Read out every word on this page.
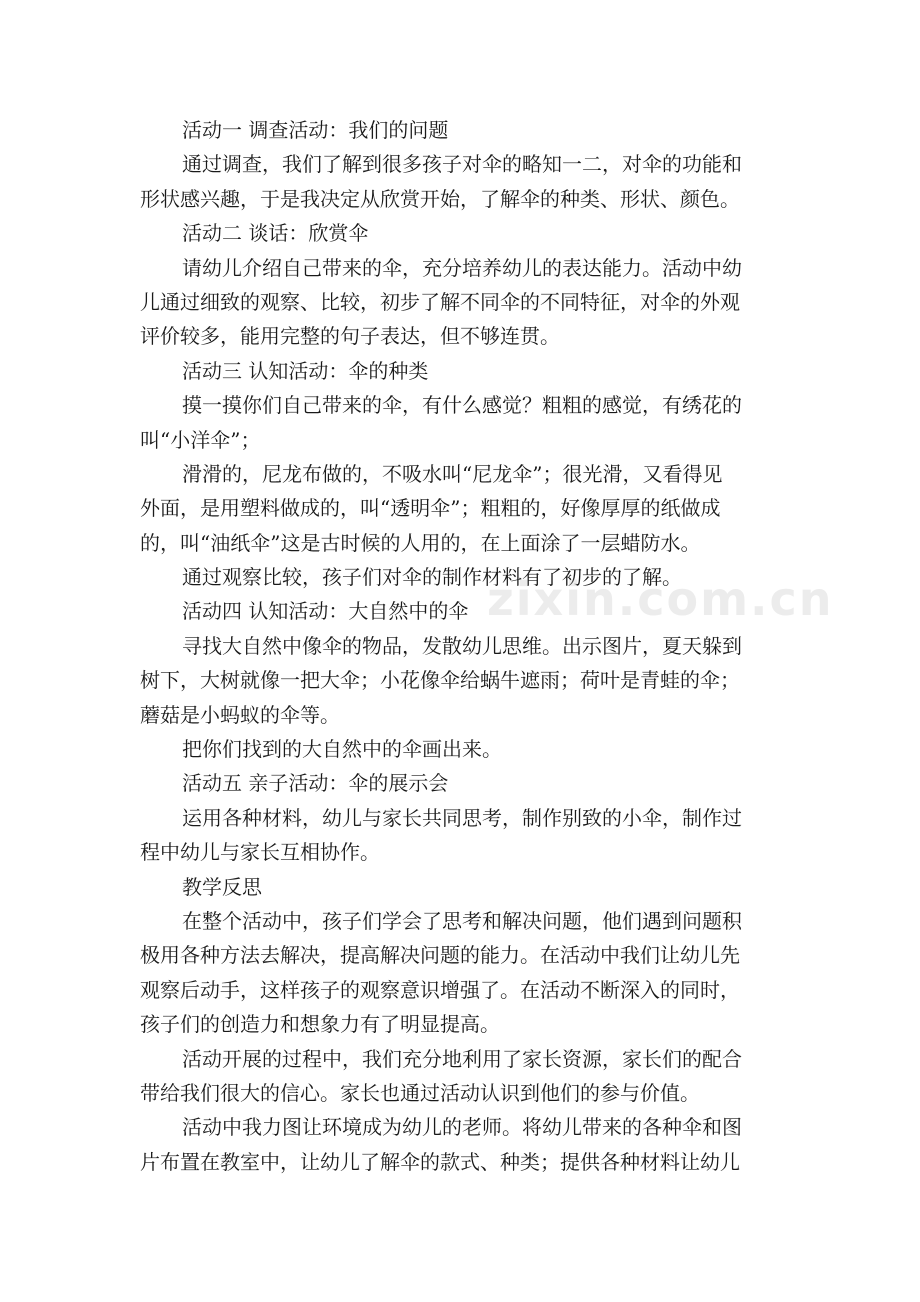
活动一 调查活动：我们的问题

通过调查，我们了解到很多孩子对伞的略知一二，对伞的功能和

形状感兴趣，于是我决定从欣赏开始，了解伞的种类、形状、颜色。

活动二 谈话：欣赏伞

请幼儿介绍自己带来的伞，充分培养幼儿的表达能力。活动中幼

儿通过细致的观察、比较，初步了解不同伞的不同特征，对伞的外观

评价较多，能用完整的句子表达，但不够连贯。

活动三 认知活动：伞的种类

摸一摸你们自己带来的伞，有什么感觉？粗粗的感觉，有绣花的

叫“小洋伞”；

滑滑的，尼龙布做的，不吸水叫“尼龙伞”；很光滑，又看得见

外面，是用塑料做成的，叫“透明伞”；粗粗的，好像厚厚的纸做成

的，叫“油纸伞”这是古时候的人用的，在上面涂了一层蜡防水。

通过观察比较，孩子们对伞的制作材料有了初步的了解。

活动四 认知活动：大自然中的伞

寻找大自然中像伞的物品，发散幼儿思维。出示图片，夏天躲到

树下，大树就像一把大伞；小花像伞给蜗牛遮雨；荷叶是青蛙的伞；

蘑菇是小蚂蚁的伞等。

把你们找到的大自然中的伞画出来。

活动五 亲子活动：伞的展示会

运用各种材料，幼儿与家长共同思考，制作别致的小伞，制作过

程中幼儿与家长互相协作。

教学反思

在整个活动中，孩子们学会了思考和解决问题，他们遇到问题积

极用各种方法去解决，提高解决问题的能力。在活动中我们让幼儿先

观察后动手，这样孩子的观察意识增强了。在活动不断深入的同时，

孩子们的创造力和想象力有了明显提高。

活动开展的过程中，我们充分地利用了家长资源，家长们的配合

带给我们很大的信心。家长也通过活动认识到他们的参与价值。

活动中我力图让环境成为幼儿的老师。将幼儿带来的各种伞和图

片布置在教室中，让幼儿了解伞的款式、种类；提供各种材料让幼儿

zixin.com.cn
